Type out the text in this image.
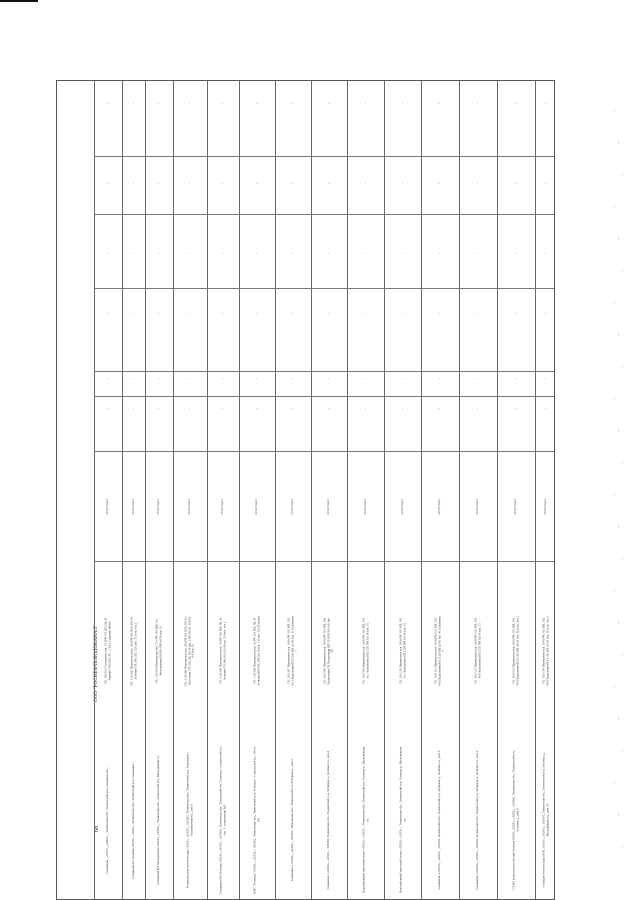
68
ООО "РОСНЕФТЬ ВОДОКАНАЛ"
Скважина _«ХХХ»_«ХХХ»_, Тюменская обл., Тюменский р-н, Скважина на ...
ГК. 110/101 Отопление (кв. 23 (РЧ 131 ВП, 00, В Радиант РП 4,56, РР ...) (Ул. Садовая, 0000)
отсутствует
-
-
-
-
-
-
Скважина №1 Зелёная «ХХХ»_«ХХХ»_ Тюменская обл., Тюменский р-н, Скважина ...
ГК. 110/102 Перемычки (кв. 24 (РЧ 101 ВП, 00) Ул. Зелёная ГП 386, 00, 1/26 (кв. 7) (стр. тех.)
отсутствует
-
-
-
-
-
-
Скважина №5 Молодёжная «ХХХ»_«ХХХ»_ Тюменская обл., Тюменский р-н, Молодёжная ул.
ГК. 110/103 Перемычки (кв. 27 (РЧ 101 ВП) Ул. Молодёжная ВП 00, ВЧ 0,6 Ф (кв. 2)
отсутствует
-
-
-
-
-
-
Установка для очистки воды «ХХХ»_«ХХХ»_ 625061, Тюменская обл., Тюменский р-н, Горьковка с. Пограничная ул., дом 6
ГК. 110/104 Перемычки (кв. 28 (РЧ 101 ВП, 20) Ул. Песочная ГП 336, 00, 0,6 Ф (кв. 3 ВП 00 Ф, 10 ВП 0,6 (кв. 4)
отсутствует
-
-
-
-
-
-
Скважина №3 Зелёная «ХХХ»_«ХХХ»_ 625061, Тюменская обл., Тюменский р-н, Успенка с. Строителей ул., стр. 1, сооружение №5
ГК. 110/105 Перемычки (кв. 3 (РЧ 101 ВП, 00, В Зелёная ГП 340, 00, 0,6 Ф (кв. 5) (стр. тех.)
отсутствует
-
-
-
-
-
-
КНС "Успенка" «ХХХ»_«ХХХ»_ 625061, Тюменская обл., Тюменский р-н, Успенка с. Строителей ул., 19 (ст. 10)
ГК. 110/106 Перемычки (кв. 6 (РЧ 101 ВП, 00, В Успенка ВП 326, ВП 0,6 Ф (кв. 11) (кв. 12) Успенка
отсутствует
-
-
-
-
-
-
Скважина 1 «ХХХ»_«ХХХ»_ 625501, Тюменская обл., Тюменский р-н, Зубарева д., дом 2
ГК. 110/107 Перемычки (кв. 100 (РЧ 101 ВП, 10) Ул. Подъемная ВП 2120 ВП 0,6 Ф (кв. 1) Скважина 1
отсутствует
-
-
-
-
-
-
Скважина 2 «ХХХ»_«ХХХ»_ 625501, Тюменская обл., Тюменский р-н, Зубарева д., Зелёная ул., дом 4
ГК. 110/108 Перемычки (кв. 104 (РЧ 101 ВП, 10) Подъемная ГП Подъемная ВП 2120 ВП 0,6 Ф (кв. 28)
отсутствует
-
-
-
-
-
-
Водозаборный насосный пункт «ХХХ»_«ХХХ»_ Тюменская обл., Тюменский р-н, Успенка д., Молодёжная ул.
ГК. 110/109 Перемычки (кв. 104 (РЧ 101 ВП, 10) Ул. Подъемная ВП 2120 ВП 0,6 Ф (кв. 3)
отсутствует
-
-
-
-
-
-
Водозаборный насосный пункт «ХХХ»_«ХХХ»_ Тюменская обл., Тюменский р-н, Успенка д., Молодёжная ул.
ГК. 110/110 Перемычки (кв. 104 (РЧ 101 ВП, 10) Ул. Подъемная ВП 2120 ВП 0,6 Ф (кв. 4)
отсутствует
-
-
-
-
-
-
Скважина 4 «ХХХ»_«ХХХ»_ 625501, Тюменская обл., Тюменский р-н, Зубарева д., Зелёная ул., дом 5
ГК. 110/111 Перемычки (кв. 104 (РЧ 101 ВП, 10) РП Подъемная ВП 2120 ВП 0,6 Ф (кв. 4) Скважина 4
отсутствует
-
-
-
-
-
-
Скважина 5 «ХХХ»_«ХХХ»_ 625501, Тюменская обл., Тюменский р-н, Зубарева д., Зелёная ул., дом 6
ГК. 110/112 Перемычки (кв. 104 (РЧ 101 ВП, 10) РП Подъемная ВП 2120 ВП 0,6 Ф (кв. 5)
отсутствует
-
-
-
-
-
-
СТВО водоочистки Лесная Успенка (ХХХ, «ХХХ»_«ХХХ»_ 625501, Тюменская обл., Тюменский р-н, Успенка д., дом 6
ГК. 110/113 Перемычки (кв. 104 (РЧ 101 ВП, 10) РП Подъемная ВП 2120 ВП 0,6 Ф (кв. 6) (стр. тех.)
отсутствует
-
-
-
-
-
-
Станция очистки воды КНС «ХХХ»_«ХХХ»_ 625501, Тюменская обл., Тюменский р-н, Успенка д., Молодёжная ул., дом 10
ГК. 110/114 Перемычки (кв. 104 (РЧ 101 ВП, 10) РП Подъемная ВП 2120 ВП 0,6 Ф (кв. 6) (стр. тех.)
отсутствует
-
-
-
-
-
-
